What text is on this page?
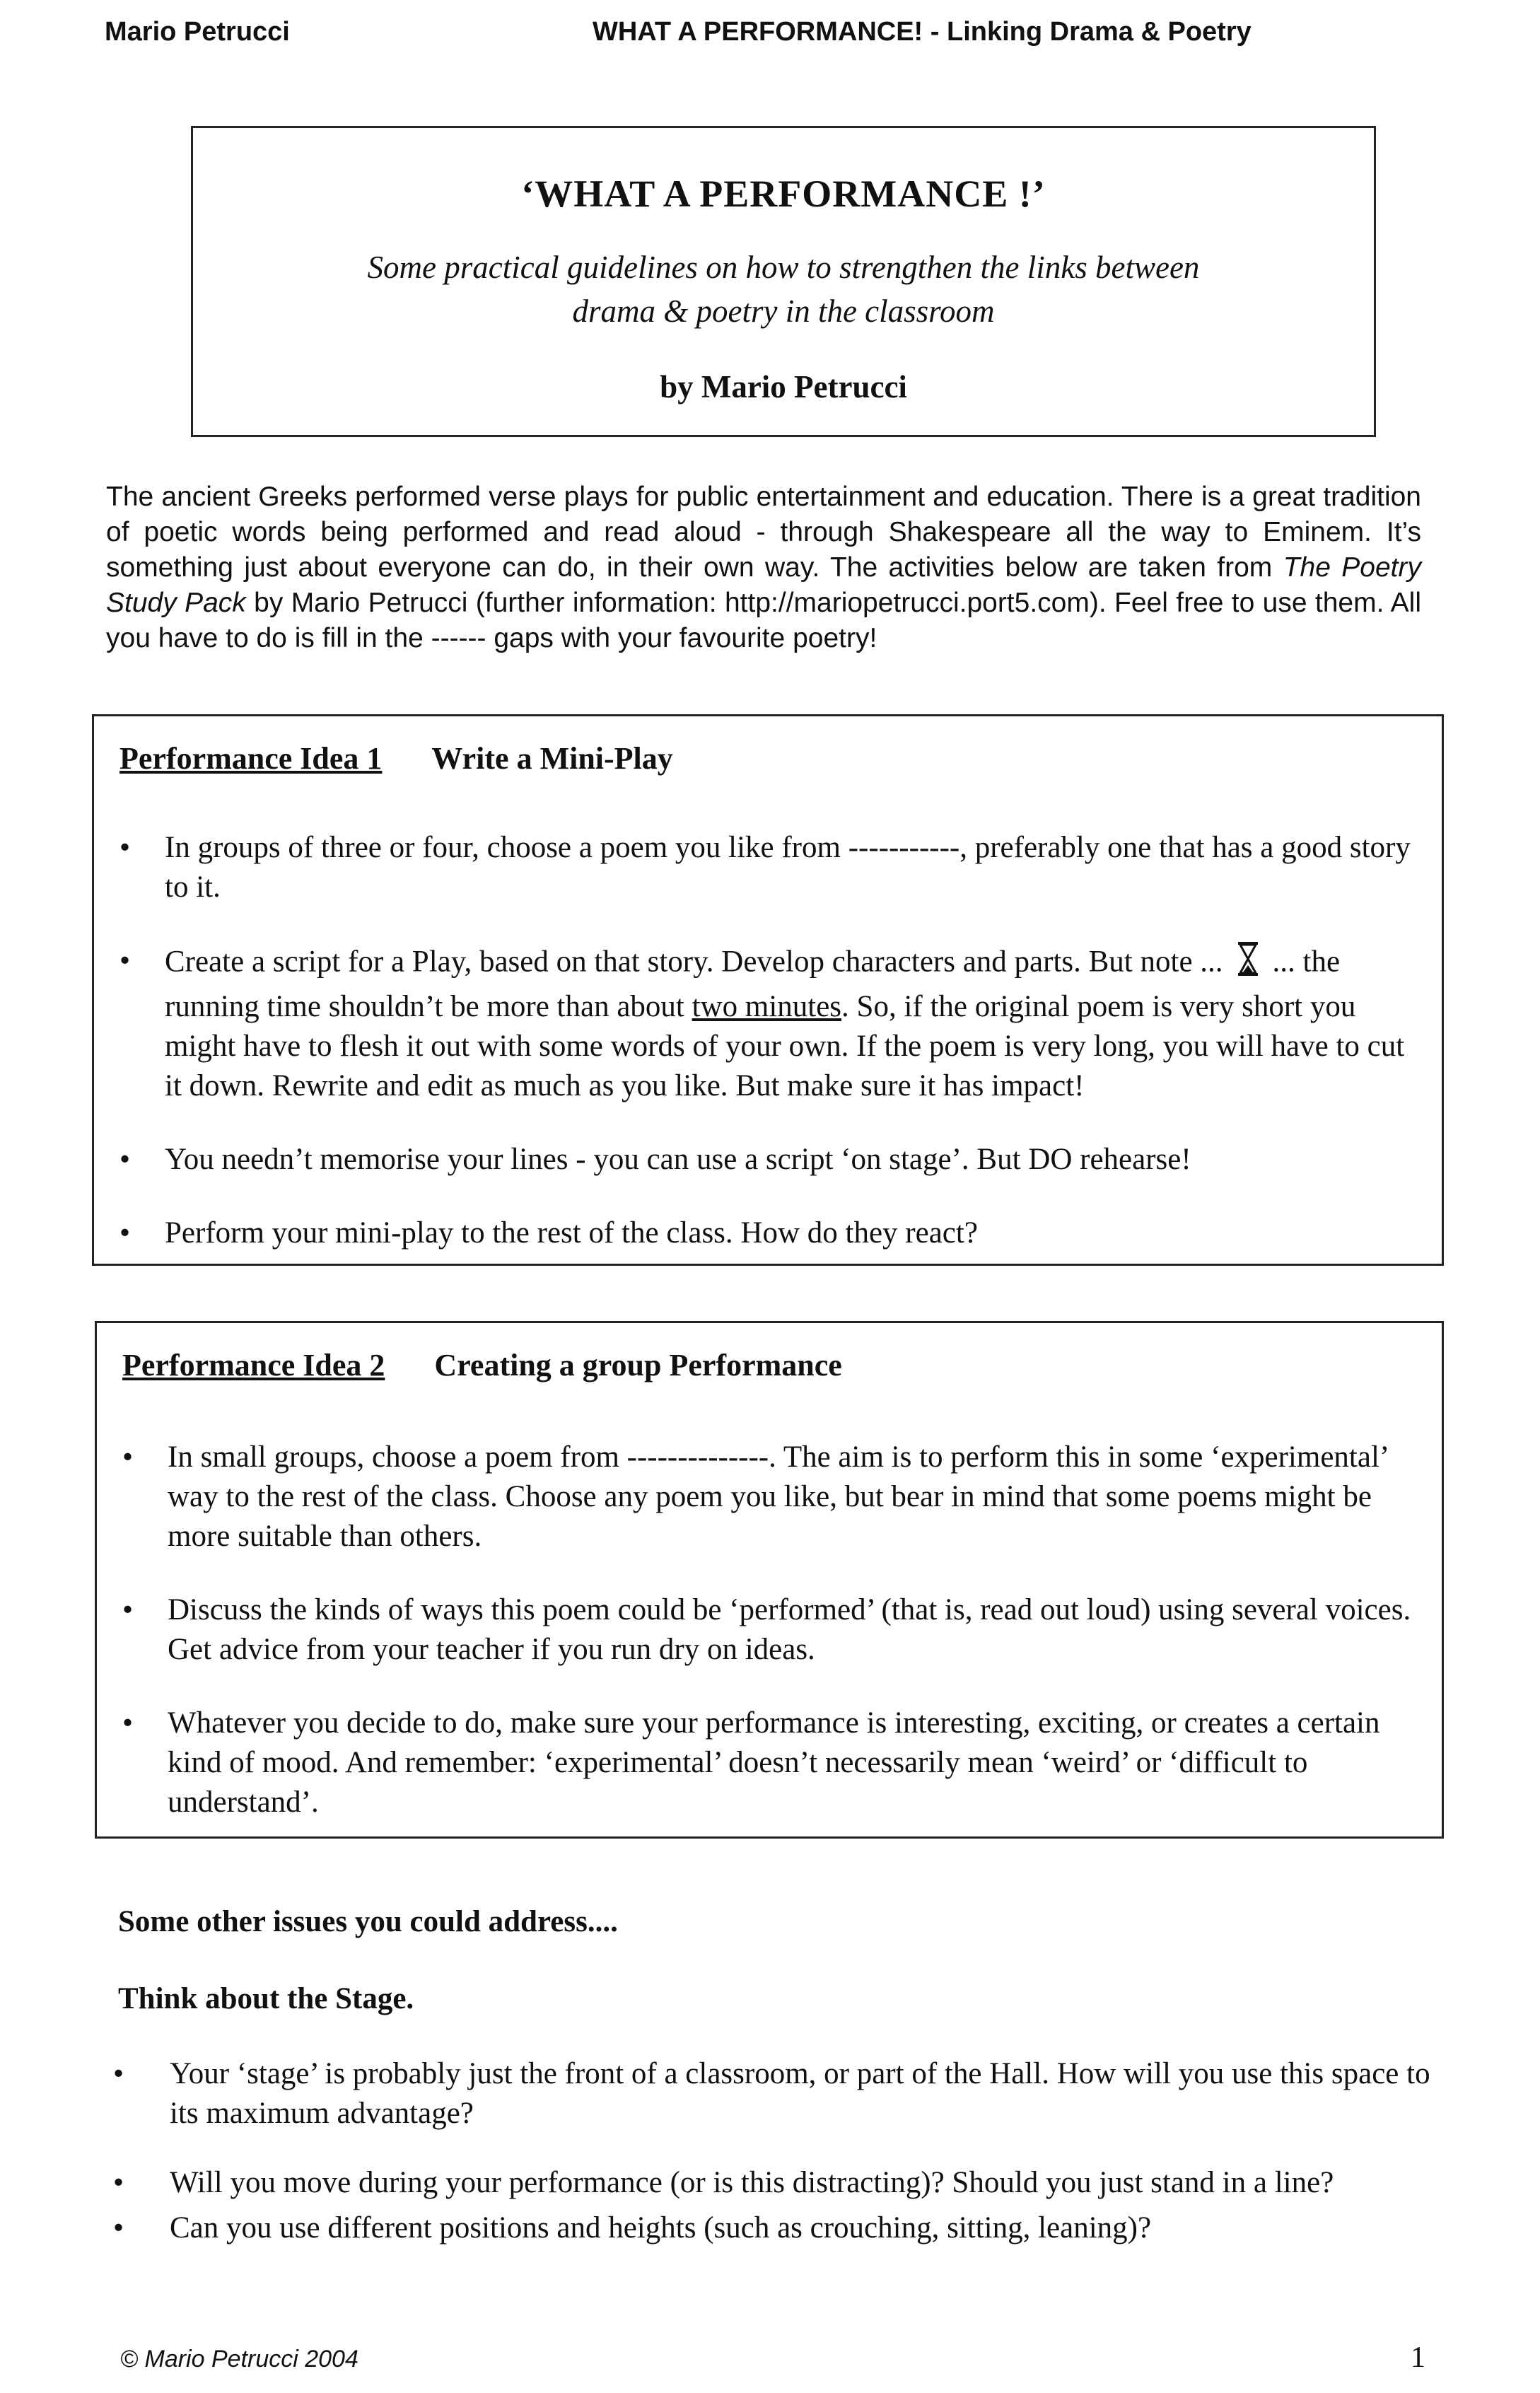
Mario Petrucci	WHAT A PERFORMANCE! - Linking Drama & Poetry
‘WHAT A PERFORMANCE !’
Some practical guidelines on how to strengthen the links between drama & poetry in the classroom
by Mario Petrucci
The ancient Greeks performed verse plays for public entertainment and education. There is a great tradition of poetic words being performed and read aloud - through Shakespeare all the way to Eminem. It’s something just about everyone can do, in their own way. The activities below are taken from The Poetry Study Pack by Mario Petrucci (further information: http://mariopetrucci.port5.com). Feel free to use them. All you have to do is fill in the ------ gaps with your favourite poetry!
Performance Idea 1 Write a Mini-Play
• In groups of three or four, choose a poem you like from -----------, preferably one that has a good story to it.
• Create a script for a Play, based on that story. Develop characters and parts. But note ... ... the running time shouldn’t be more than about two minutes. So, if the original poem is very short you might have to flesh it out with some words of your own. If the poem is very long, you will have to cut it down. Rewrite and edit as much as you like. But make sure it has impact!
• You needn’t memorise your lines - you can use a script ‘on stage’. But DO rehearse!
• Perform your mini-play to the rest of the class. How do they react?
Performance Idea 2 Creating a group Performance
• In small groups, choose a poem from --------------. The aim is to perform this in some ‘experimental’ way to the rest of the class. Choose any poem you like, but bear in mind that some poems might be more suitable than others.
• Discuss the kinds of ways this poem could be ‘performed’ (that is, read out loud) using several voices. Get advice from your teacher if you run dry on ideas.
• Whatever you decide to do, make sure your performance is interesting, exciting, or creates a certain kind of mood. And remember: ‘experimental’ doesn’t necessarily mean ‘weird’ or ‘difficult to understand’.
Some other issues you could address....
Think about the Stage.
• Your ‘stage’ is probably just the front of a classroom, or part of the Hall. How will you use this space to its maximum advantage?
• Will you move during your performance (or is this distracting)? Should you just stand in a line?
• Can you use different positions and heights (such as crouching, sitting, leaning)?
© Mario Petrucci 2004	1
